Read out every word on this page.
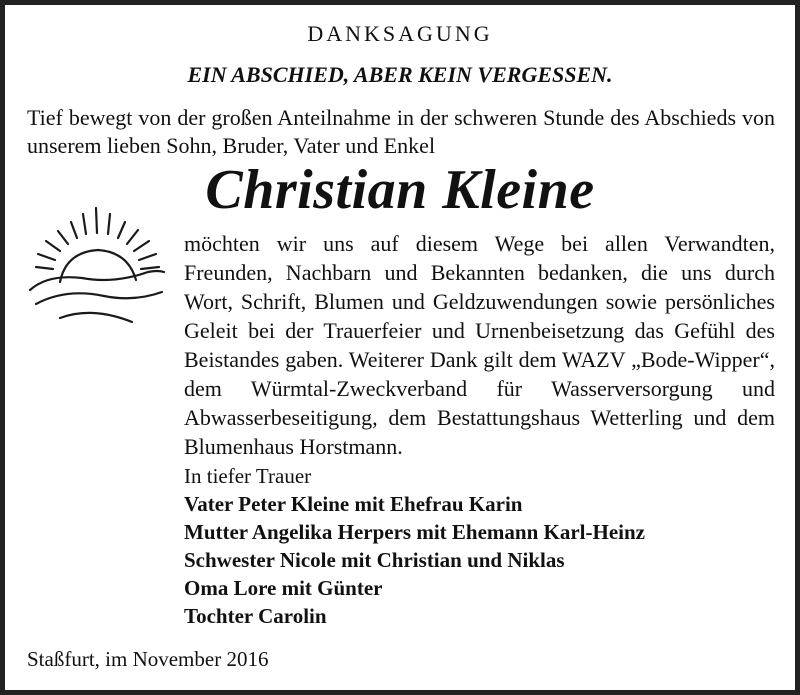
DANKSAGUNG
EIN ABSCHIED, ABER KEIN VERGESSEN.
Tief bewegt von der großen Anteilnahme in der schweren Stunde des Abschieds von unserem lieben Sohn, Bruder, Vater und Enkel
Christian Kleine
möchten wir uns auf diesem Wege bei allen Verwandten, Freunden, Nachbarn und Bekannten bedanken, die uns durch Wort, Schrift, Blumen und Geldzuwendungen sowie persönliches Geleit bei der Trauerfeier und Urnenbeisetzung das Gefühl des Beistandes gaben. Weiterer Dank gilt dem WAZV „Bode-Wipper“, dem Würmtal-Zweckverband für Wasserversorgung und Abwasserbeseitigung, dem Bestattungshaus Wetterling und dem Blumenhaus Horstmann.
In tiefer Trauer
Vater Peter Kleine mit Ehefrau Karin
Mutter Angelika Herpers mit Ehemann Karl-Heinz
Schwester Nicole mit Christian und Niklas
Oma Lore mit Günter
Tochter Carolin
Staßfurt, im November 2016
